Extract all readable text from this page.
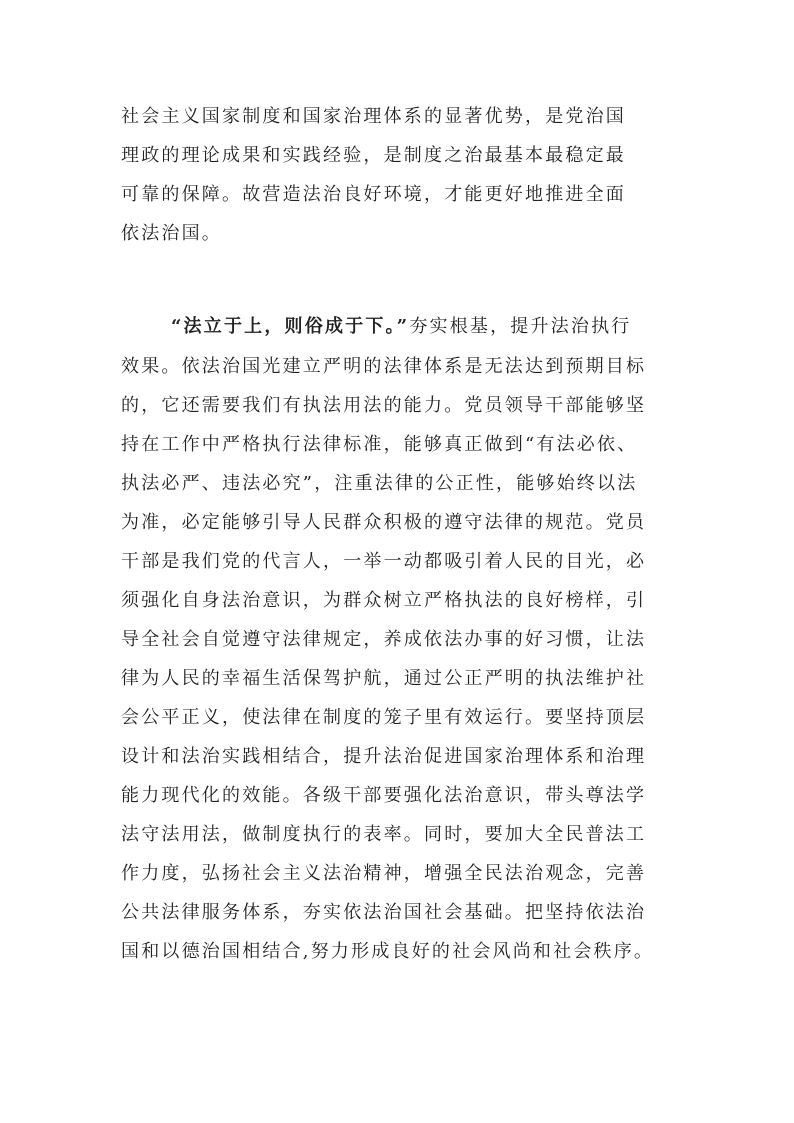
社会主义国家制度和国家治理体系的显著优势，是党治国

理政的理论成果和实践经验，是制度之治最基本最稳定最

可靠的保障。故营造法治良好环境，才能更好地推进全面

依法治国。

“法立于上，则俗成于下。”夯实根基，提升法治执行

效果。依法治国光建立严明的法律体系是无法达到预期目标

的，它还需要我们有执法用法的能力。党员领导干部能够坚

持在工作中严格执行法律标准，能够真正做到“有法必依、

执法必严、违法必究”，注重法律的公正性，能够始终以法

为准，必定能够引导人民群众积极的遵守法律的规范。党员

干部是我们党的代言人，一举一动都吸引着人民的目光，必

须强化自身法治意识，为群众树立严格执法的良好榜样，引

导全社会自觉遵守法律规定，养成依法办事的好习惯，让法

律为人民的幸福生活保驾护航，通过公正严明的执法维护社

会公平正义，使法律在制度的笼子里有效运行。要坚持顶层

设计和法治实践相结合，提升法治促进国家治理体系和治理

能力现代化的效能。各级干部要强化法治意识，带头尊法学

法守法用法，做制度执行的表率。同时，要加大全民普法工

作力度，弘扬社会主义法治精神，增强全民法治观念，完善

公共法律服务体系，夯实依法治国社会基础。把坚持依法治

国和以德治国相结合,努力形成良好的社会风尚和社会秩序。
